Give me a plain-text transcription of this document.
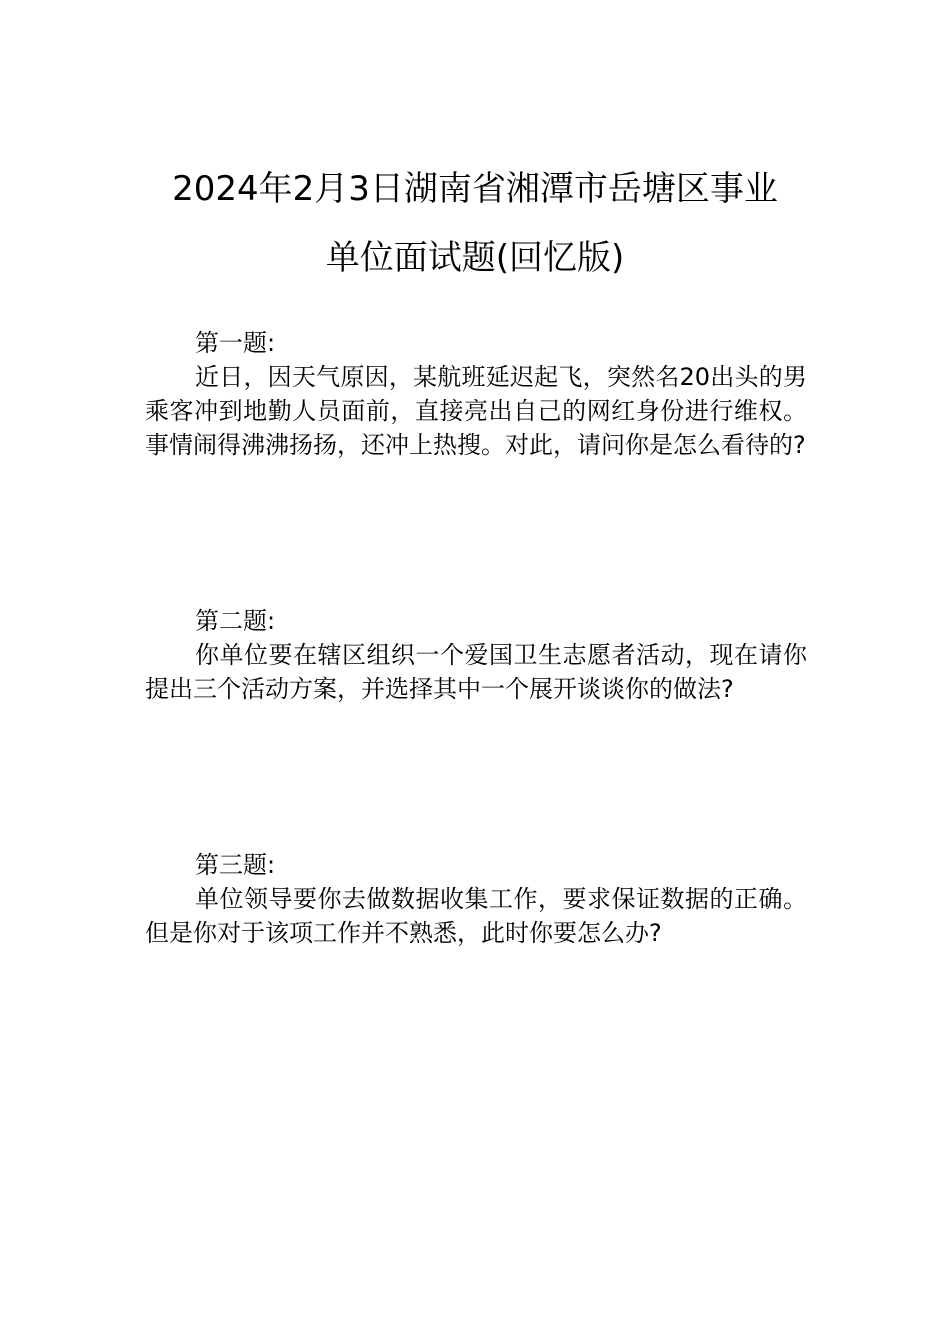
2024年2月3日湖南省湘潭市岳塘区事业
单位面试题(回忆版)
第一题:

近日，因天气原因，某航班延迟起飞，突然名20出头的男乘客冲到地勤人员面前，直接亮出自己的网红身份进行维权。事情闹得沸沸扬扬，还冲上热搜。对此，请问你是怎么看待的?

第二题:

你单位要在辖区组织一个爱国卫生志愿者活动，现在请你提出三个活动方案，并选择其中一个展开谈谈你的做法?

第三题:

单位领导要你去做数据收集工作，要求保证数据的正确。但是你对于该项工作并不熟悉，此时你要怎么办?
